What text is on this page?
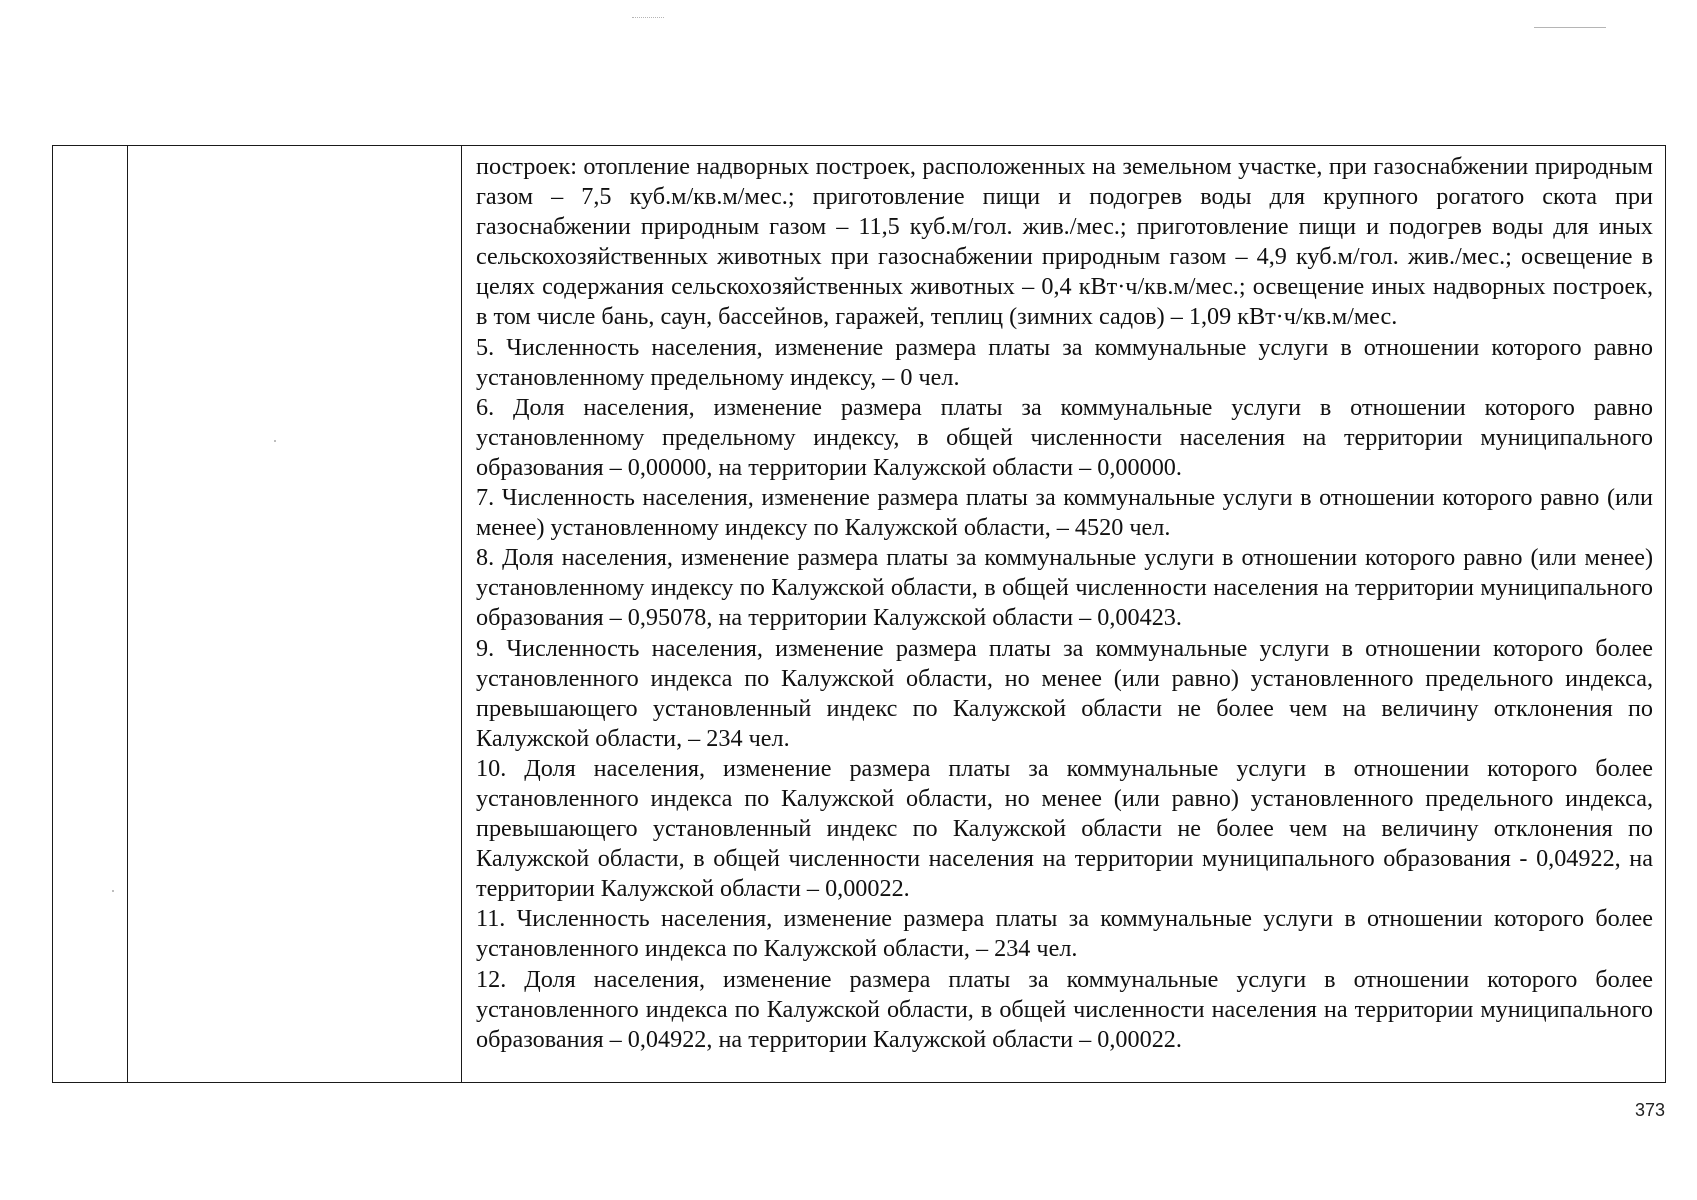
построек: отопление надворных построек, расположенных на земельном участке, при газоснабжении природным газом – 7,5 куб.м/кв.м/мес.; приготовление пищи и подогрев воды для крупного рогатого скота при газоснабжении природным газом – 11,5 куб.м/гол. жив./мес.; приготовление пищи и подогрев воды для иных сельскохозяйственных животных при газоснабжении природным газом – 4,9 куб.м/гол. жив./мес.; освещение в целях содержания сельскохозяйственных животных – 0,4 кВт·ч/кв.м/мес.; освещение иных надворных построек, в том числе бань, саун, бассейнов, гаражей, теплиц (зимних садов) – 1,09 кВт·ч/кв.м/мес.

5. Численность населения, изменение размера платы за коммунальные услуги в отношении которого равно установленному предельному индексу, – 0 чел.

6. Доля населения, изменение размера платы за коммунальные услуги в отношении которого равно установленному предельному индексу, в общей численности населения на территории муниципального образования – 0,00000, на территории Калужской области – 0,00000.

7. Численность населения, изменение размера платы за коммунальные услуги в отношении которого равно (или менее) установленному индексу по Калужской области, – 4520 чел.

8. Доля населения, изменение размера платы за коммунальные услуги в отношении которого равно (или менее) установленному индексу по Калужской области, в общей численности населения на территории муниципального образования – 0,95078, на территории Калужской области – 0,00423.

9. Численность населения, изменение размера платы за коммунальные услуги в отношении которого более установленного индекса по Калужской области, но менее (или равно) установленного предельного индекса, превышающего установленный индекс по Калужской области не более чем на величину отклонения по Калужской области, – 234 чел.

10. Доля населения, изменение размера платы за коммунальные услуги в отношении которого более установленного индекса по Калужской области, но менее (или равно) установленного предельного индекса, превышающего установленный индекс по Калужской области не более чем на величину отклонения по Калужской области, в общей численности населения на территории муниципального образования - 0,04922, на территории Калужской области – 0,00022.

11. Численность населения, изменение размера платы за коммунальные услуги в отношении которого более установленного индекса по Калужской области, – 234 чел.

12. Доля населения, изменение размера платы за коммунальные услуги в отношении которого более установленного индекса по Калужской области, в общей численности населения на территории муниципального образования – 0,04922, на территории Калужской области – 0,00022.

373
